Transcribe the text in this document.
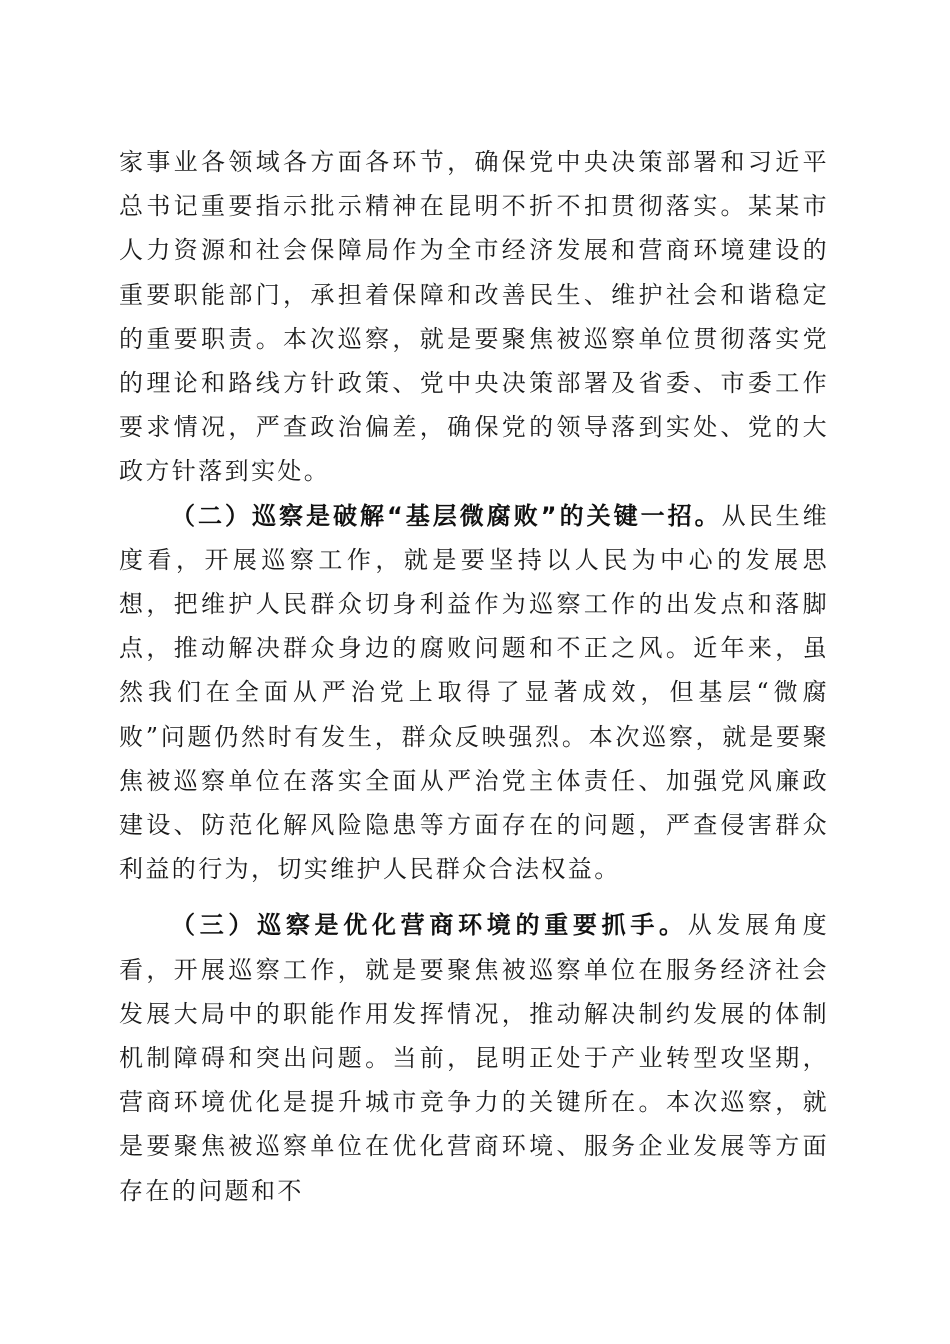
家事业各领域各方面各环节，确保党中央决策部署和习近平总书记重要指示批示精神在昆明不折不扣贯彻落实。某某市人力资源和社会保障局作为全市经济发展和营商环境建设的重要职能部门，承担着保障和改善民生、维护社会和谐稳定的重要职责。本次巡察，就是要聚焦被巡察单位贯彻落实党的理论和路线方针政策、党中央决策部署及省委、市委工作要求情况，严查政治偏差，确保党的领导落到实处、党的大政方针落到实处。

（二）巡察是破解“基层微腐败”的关键一招。从民生维度看，开展巡察工作，就是要坚持以人民为中心的发展思想，把维护人民群众切身利益作为巡察工作的出发点和落脚点，推动解决群众身边的腐败问题和不正之风。近年来，虽然我们在全面从严治党上取得了显著成效，但基层“微腐败”问题仍然时有发生，群众反映强烈。本次巡察，就是要聚焦被巡察单位在落实全面从严治党主体责任、加强党风廉政建设、防范化解风险隐患等方面存在的问题，严查侵害群众利益的行为，切实维护人民群众合法权益。

（三）巡察是优化营商环境的重要抓手。从发展角度看，开展巡察工作，就是要聚焦被巡察单位在服务经济社会发展大局中的职能作用发挥情况，推动解决制约发展的体制机制障碍和突出问题。当前，昆明正处于产业转型攻坚期，营商环境优化是提升城市竞争力的关键所在。本次巡察，就是要聚焦被巡察单位在优化营商环境、服务企业发展等方面存在的问题和不
